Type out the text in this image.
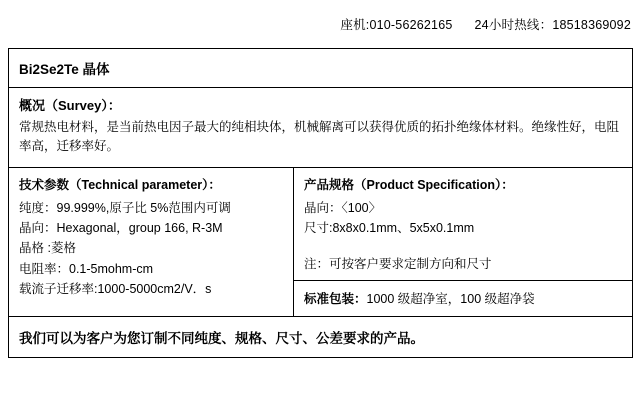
座机:010-56262165 24小时热线：18518369092
Bi2Se2Te 晶体
概况（Survey）：
常规热电材料，是当前热电因子最大的纯相块体，机械解离可以获得优质的拓扑绝缘体材料。绝缘性好，电阻率高，迁移率好。
技术参数（Technical parameter）：
纯度：99.999%,原子比 5%范围内可调
晶向：Hexagonal，group 166, R-3M
晶格 :菱格
电阻率：0.1-5mohm-cm
载流子迁移率:1000-5000cm2/V．s
产品规格（Product Specification）：
晶向：〈100〉
尺寸:8x8x0.1mm、5x5x0.1mm
注：可按客户要求定制方向和尺寸
标准包装：1000 级超净室，100 级超净袋
我们可以为客户为您订制不同纯度、规格、尺寸、公差要求的产品。
